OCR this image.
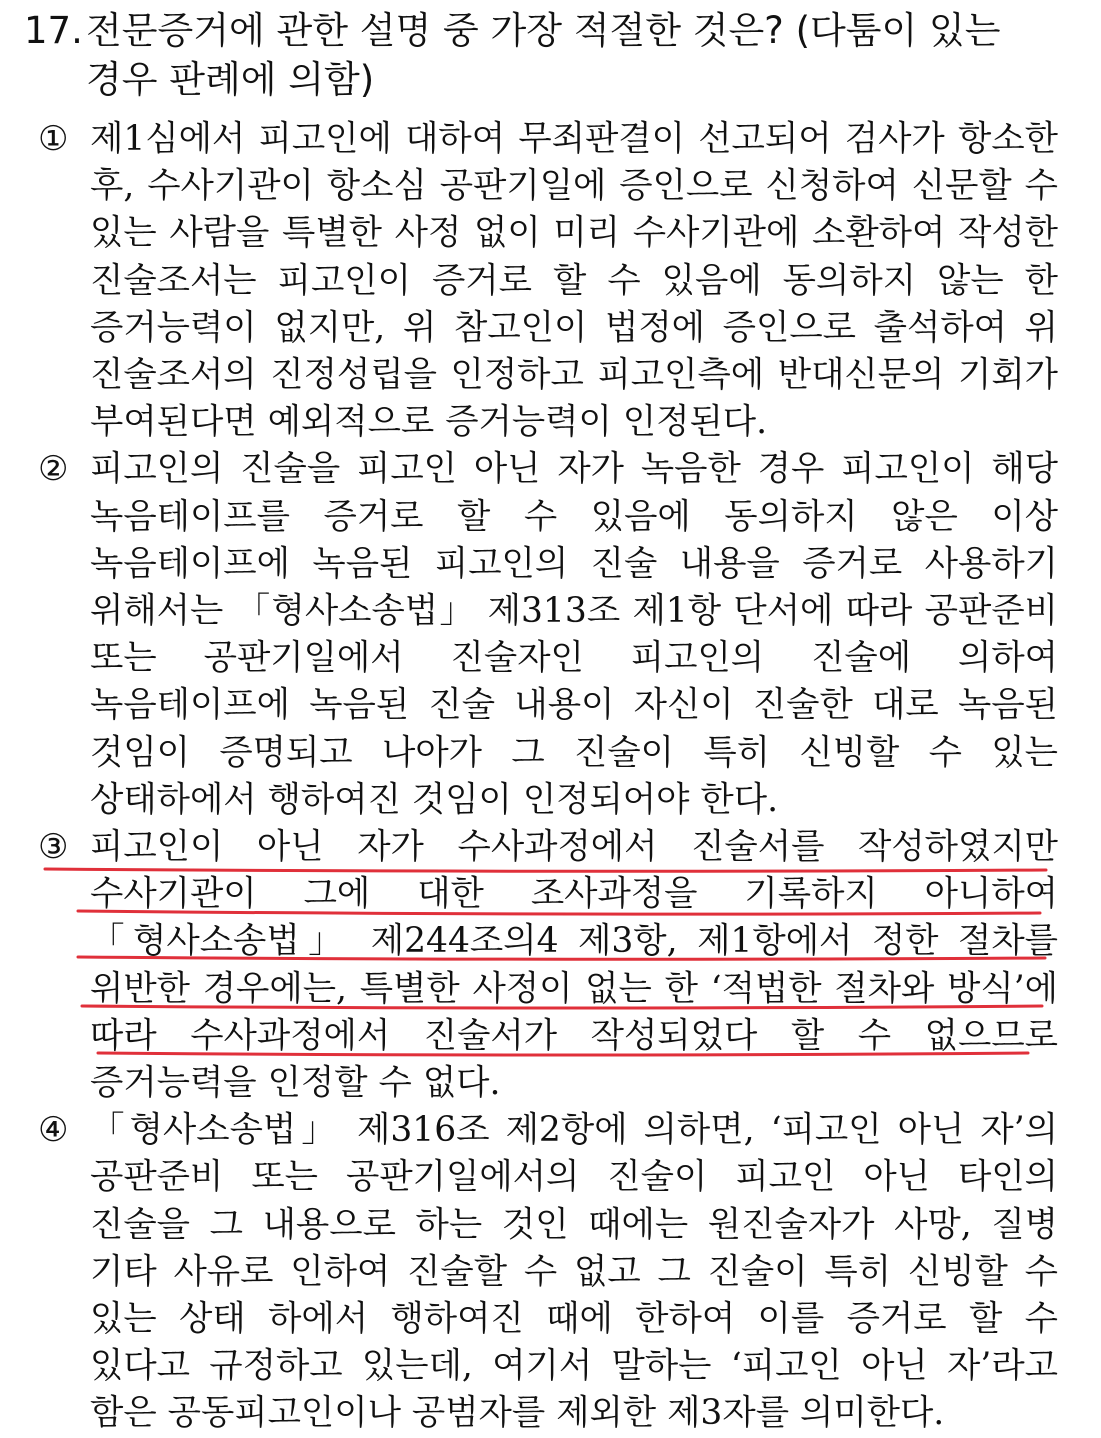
17. 전문증거에 관한 설명 중 가장 적절한 것은? (다툼이 있는 경우 판례에 의함)
① 제1심에서 피고인에 대하여 무죄판결이 선고되어 검사가 항소한 후, 수사기관이 항소심 공판기일에 증인으로 신청하여 신문할 수 있는 사람을 특별한 사정 없이 미리 수사기관에 소환하여 작성한 진술조서는 피고인이 증거로 할 수 있음에 동의하지 않는 한 증거능력이 없지만, 위 참고인이 법정에 증인으로 출석하여 위 진술조서의 진정성립을 인정하고 피고인측에 반대신문의 기회가 부여된다면 예외적으로 증거능력이 인정된다.
② 피고인의 진술을 피고인 아닌 자가 녹음한 경우 피고인이 해당 녹음테이프를 증거로 할 수 있음에 동의하지 않은 이상 녹음테이프에 녹음된 피고인의 진술 내용을 증거로 사용하기 위해서는 「형사소송법」 제313조 제1항 단서에 따라 공판준비 또는 공판기일에서 진술자인 피고인의 진술에 의하여 녹음테이프에 녹음된 진술 내용이 자신이 진술한 대로 녹음된 것임이 증명되고 나아가 그 진술이 특히 신빙할 수 있는 상태하에서 행하여진 것임이 인정되어야 한다.
③ 피고인이 아닌 자가 수사과정에서 진술서를 작성하였지만 수사기관이 그에 대한 조사과정을 기록하지 아니하여 「형사소송법」 제244조의4 제3항, 제1항에서 정한 절차를 위반한 경우에는, 특별한 사정이 없는 한 ‘적법한 절차와 방식’에 따라 수사과정에서 진술서가 작성되었다 할 수 없으므로 증거능력을 인정할 수 없다.
④ 「형사소송법」 제316조 제2항에 의하면, ‘피고인 아닌 자’의 공판준비 또는 공판기일에서의 진술이 피고인 아닌 타인의 진술을 그 내용으로 하는 것인 때에는 원진술자가 사망, 질병 기타 사유로 인하여 진술할 수 없고 그 진술이 특히 신빙할 수 있는 상태 하에서 행하여진 때에 한하여 이를 증거로 할 수 있다고 규정하고 있는데, 여기서 말하는 ‘피고인 아닌 자’라고 함은 공동피고인이나 공범자를 제외한 제3자를 의미한다.
